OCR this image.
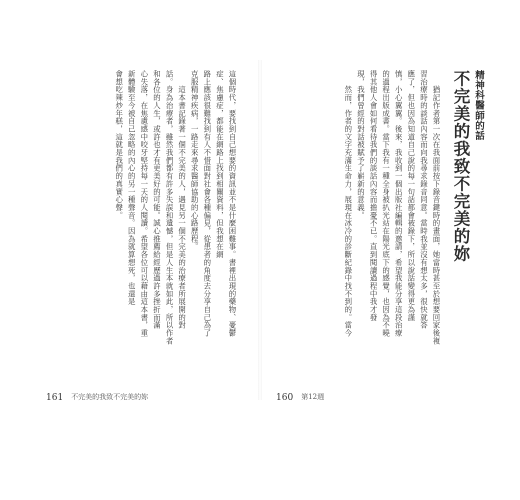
精神科醫師的話
不完美的我致不完美的妳
　　猶記作者第一次在我面前按下錄音鍵時的畫面，她當時甚至於想要回家後複
習治療時的談話內容而向我尋求錄音同意。當時我並沒有想太多，很快就答
應了，但也因為知道自己說的每一句話都會被錄下，所以說話變得更為謹
慎，小心翼翼。後來，我收到一個出版社編輯的邀請，希望我能分享這段治療
的過程出版成書。當下我有一種全身被扒光站在陽光底下的感覺，也因為不曉
得其他人會如何看待我們的談話內容而擔憂不已。直到閱讀過程中我才發
現，我們曾經的對話被賦予了嶄新的意義。
　　然而，作者的文字充滿生命力，展現在冰冷的診斷紀錄中找不到的。當今
這個時代，要找到自己想要的資訊並不是什麼困難事。書裡出現的藥物、憂鬱
症、焦慮症，都能在網路上找到相關資料，但我想在網
路上應該很難找到有人不惜面對社會各種偏見，從患者的角度去分享自己為了
克服精神疾病，一路走來尋求醫師協助的心路歷程。
　　這本書記錄著一個不完美的人，遇見另一個不完美的治療者所展開的對
話。身為治療者，雖然我們都有許多失誤和遺憾，但是人生本就如此，所以作者
和各位的人生，或許也才有更美好的可能。誠心推薦給經歷過許多挫折而滿
心失落，在焦慮感中咬牙堅持每一天的人閱讀。希望各位可以藉由這本書，重
新體驗至今被自己忽略的內心的另一種聲音。因為就算想死，也還是
會想吃辣炒年糕，這就是我們的真實心聲。
161 不完美的我致不完美的妳	160 第12週
